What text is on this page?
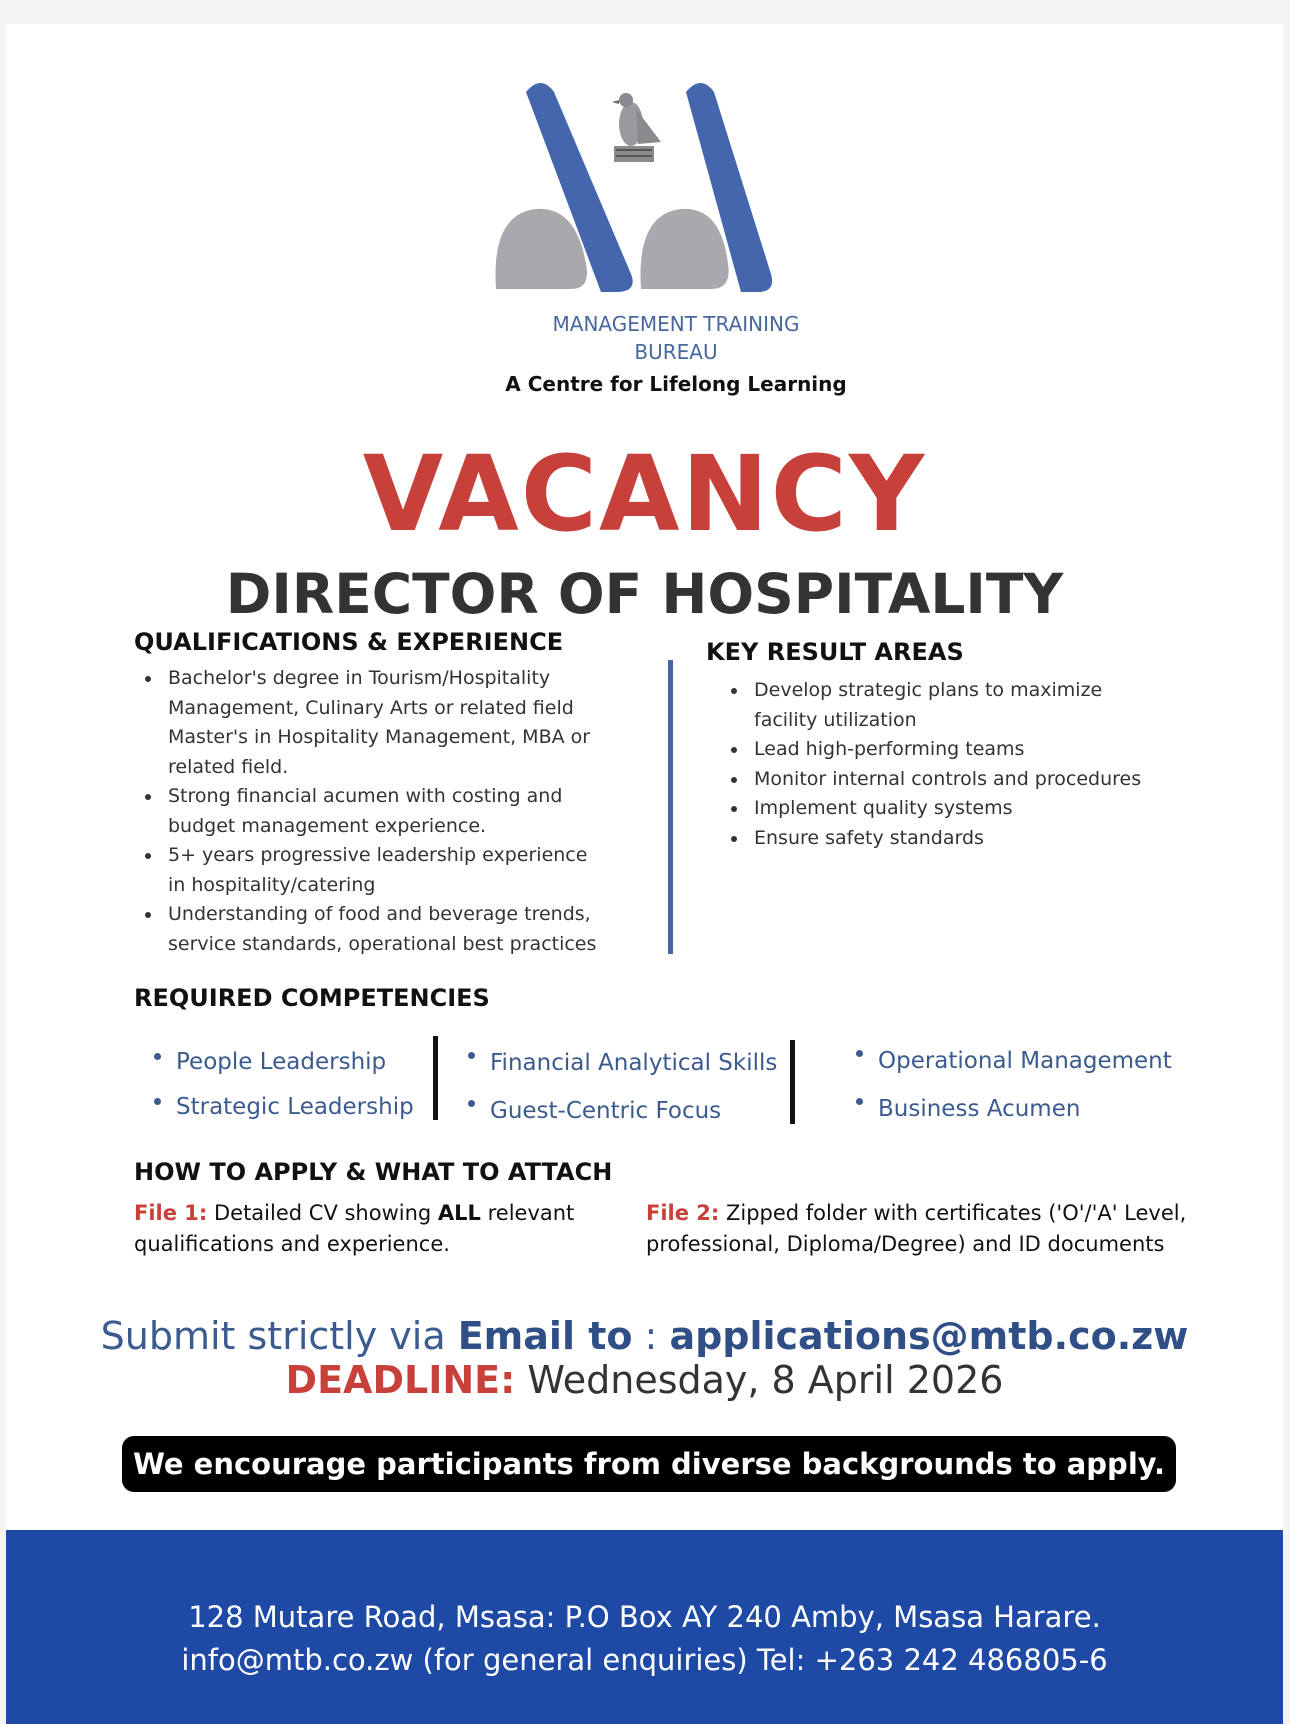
MANAGEMENT TRAINING
BUREAU
A Centre for Lifelong Learning
VACANCY
DIRECTOR OF HOSPITALITY
QUALIFICATIONS & EXPERIENCE
Bachelor's degree in Tourism/Hospitality Management, Culinary Arts or related field Master's in Hospitality Management, MBA or related field.
Strong financial acumen with costing and budget management experience.
5+ years progressive leadership experience in hospitality/catering
Understanding of food and beverage trends, service standards, operational best practices
KEY RESULT AREAS
Develop strategic plans to maximize facility utilization
Lead high-performing teams
Monitor internal controls and procedures
Implement quality systems
Ensure safety standards
REQUIRED COMPETENCIES
People Leadership
Strategic Leadership
Financial Analytical Skills
Guest-Centric Focus
Operational Management
Business Acumen
HOW TO APPLY & WHAT TO ATTACH
File 1: Detailed CV showing ALL relevant qualifications and experience.
File 2: Zipped folder with certificates ('O'/'A' Level, professional, Diploma/Degree) and ID documents
Submit strictly via Email to : applications@mtb.co.zw
DEADLINE: Wednesday, 8 April 2026
We encourage participants from diverse backgrounds to apply.
128 Mutare Road, Msasa: P.O Box AY 240 Amby, Msasa Harare.
info@mtb.co.zw (for general enquiries) Tel: +263 242 486805-6
